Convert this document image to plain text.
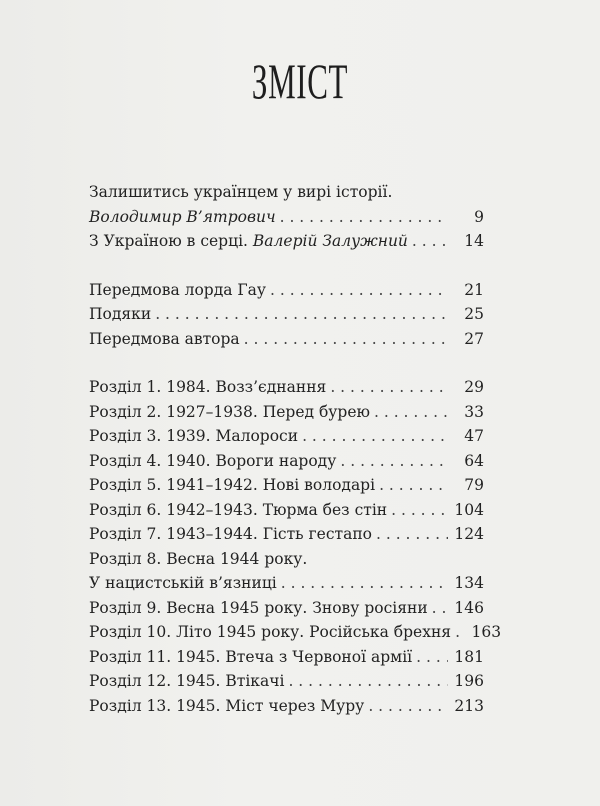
ЗМІСТ
Залишитись українцем у вирі історії.
Володимир В’ятрович . . .	9
З Україною в серці. Валерій Залужний . . .	14
Передмова лорда Гау . . .	21
Подяки . . .	25
Передмова автора . . .	27
Розділ 1. 1984. Возз’єднання . . .	29
Розділ 2. 1927–1938. Перед бурею . . .	33
Розділ 3. 1939. Малороси . . .	47
Розділ 4. 1940. Вороги народу . . .	64
Розділ 5. 1941–1942. Нові володарі . . .	79
Розділ 6. 1942–1943. Тюрма без стін . . .	104
Розділ 7. 1943–1944. Гість гестапо . . .	124
Розділ 8. Весна 1944 року.
У нацистській в’язниці . . .	134
Розділ 9. Весна 1945 року. Знову росіяни . . .	146
Розділ 10. Літо 1945 року. Російська брехня . . .	163
Розділ 11. 1945. Втеча з Червоної армії . . .	181
Розділ 12. 1945. Втікачі . . .	196
Розділ 13. 1945. Міст через Муру . . .	213
